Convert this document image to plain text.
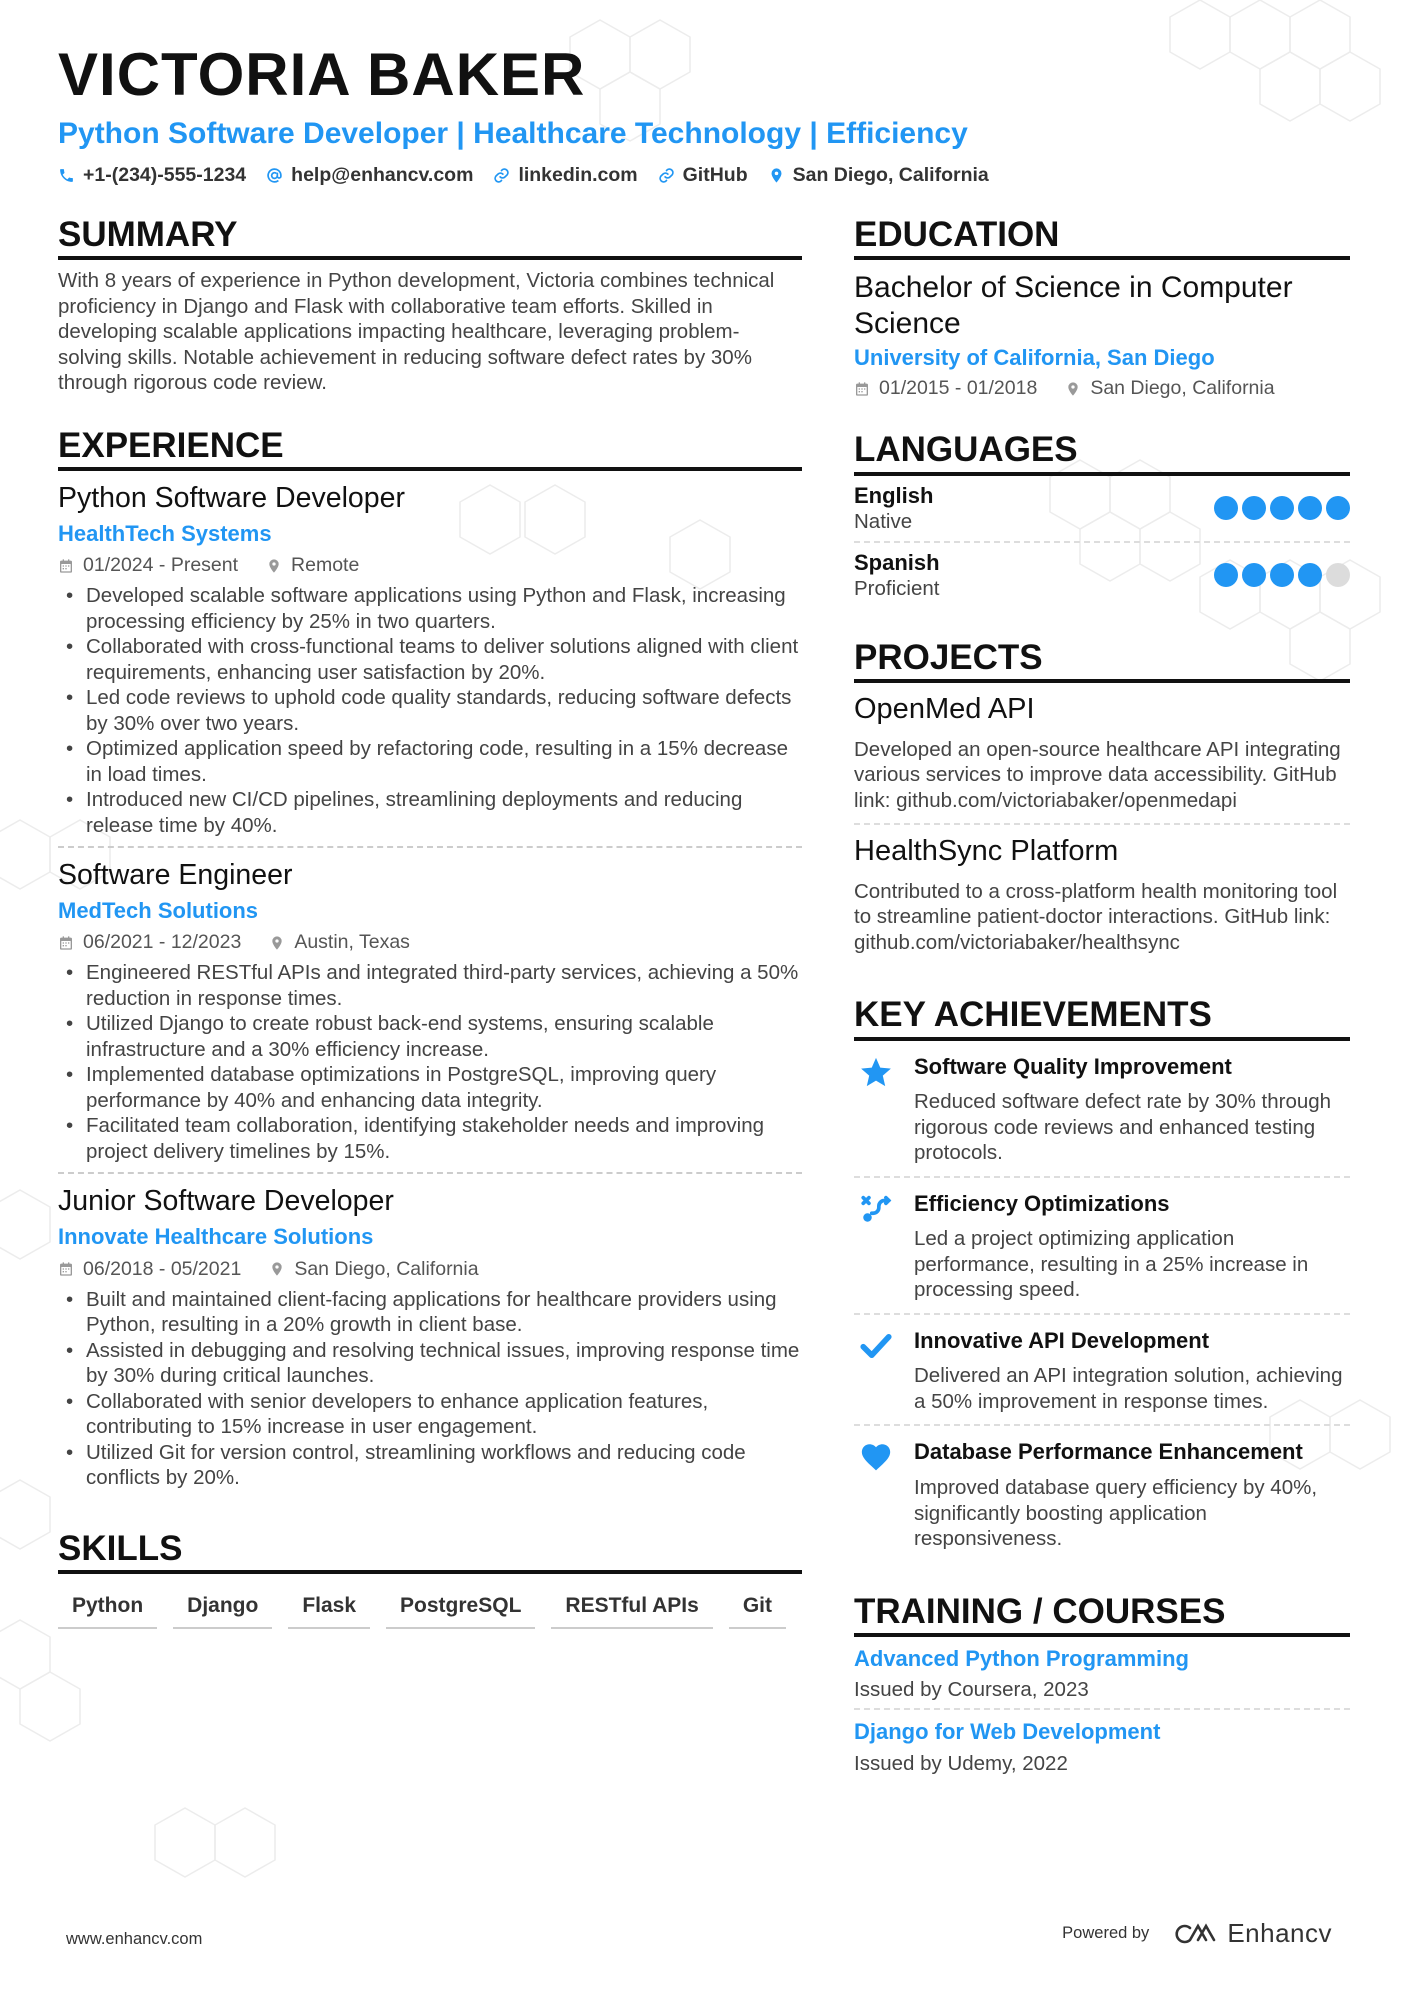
VICTORIA BAKER
Python Software Developer | Healthcare Technology | Efficiency
+1-(234)-555-1234 help@enhancv.com linkedin.com GitHub San Diego, California
SUMMARY
With 8 years of experience in Python development, Victoria combines technical proficiency in Django and Flask with collaborative team efforts. Skilled in developing scalable applications impacting healthcare, leveraging problem-solving skills. Notable achievement in reducing software defect rates by 30% through rigorous code review.
EXPERIENCE
Python Software Developer
HealthTech Systems
01/2024 - Present	Remote
• Developed scalable software applications using Python and Flask, increasing processing efficiency by 25% in two quarters.
• Collaborated with cross-functional teams to deliver solutions aligned with client requirements, enhancing user satisfaction by 20%.
• Led code reviews to uphold code quality standards, reducing software defects by 30% over two years.
• Optimized application speed by refactoring code, resulting in a 15% decrease in load times.
• Introduced new CI/CD pipelines, streamlining deployments and reducing release time by 40%.
Software Engineer
MedTech Solutions
06/2021 - 12/2023	Austin, Texas
• Engineered RESTful APIs and integrated third-party services, achieving a 50% reduction in response times.
• Utilized Django to create robust back-end systems, ensuring scalable infrastructure and a 30% efficiency increase.
• Implemented database optimizations in PostgreSQL, improving query performance by 40% and enhancing data integrity.
• Facilitated team collaboration, identifying stakeholder needs and improving project delivery timelines by 15%.
Junior Software Developer
Innovate Healthcare Solutions
06/2018 - 05/2021	San Diego, California
• Built and maintained client-facing applications for healthcare providers using Python, resulting in a 20% growth in client base.
• Assisted in debugging and resolving technical issues, improving response time by 30% during critical launches.
• Collaborated with senior developers to enhance application features, contributing to 15% increase in user engagement.
• Utilized Git for version control, streamlining workflows and reducing code conflicts by 20%.
SKILLS
Python	Django	Flask	PostgreSQL	RESTful APIs	Git
EDUCATION
Bachelor of Science in Computer Science
University of California, San Diego
01/2015 - 01/2018	San Diego, California
LANGUAGES
English
Native
Spanish
Proficient
PROJECTS
OpenMed API
Developed an open-source healthcare API integrating various services to improve data accessibility. GitHub link: github.com/victoriabaker/openmedapi
HealthSync Platform
Contributed to a cross-platform health monitoring tool to streamline patient-doctor interactions. GitHub link: github.com/victoriabaker/healthsync
KEY ACHIEVEMENTS
Software Quality Improvement
Reduced software defect rate by 30% through rigorous code reviews and enhanced testing protocols.
Efficiency Optimizations
Led a project optimizing application performance, resulting in a 25% increase in processing speed.
Innovative API Development
Delivered an API integration solution, achieving a 50% improvement in response times.
Database Performance Enhancement
Improved database query efficiency by 40%, significantly boosting application responsiveness.
TRAINING / COURSES
Advanced Python Programming
Issued by Coursera, 2023
Django for Web Development
Issued by Udemy, 2022
www.enhancv.com	Powered by	Enhancv
